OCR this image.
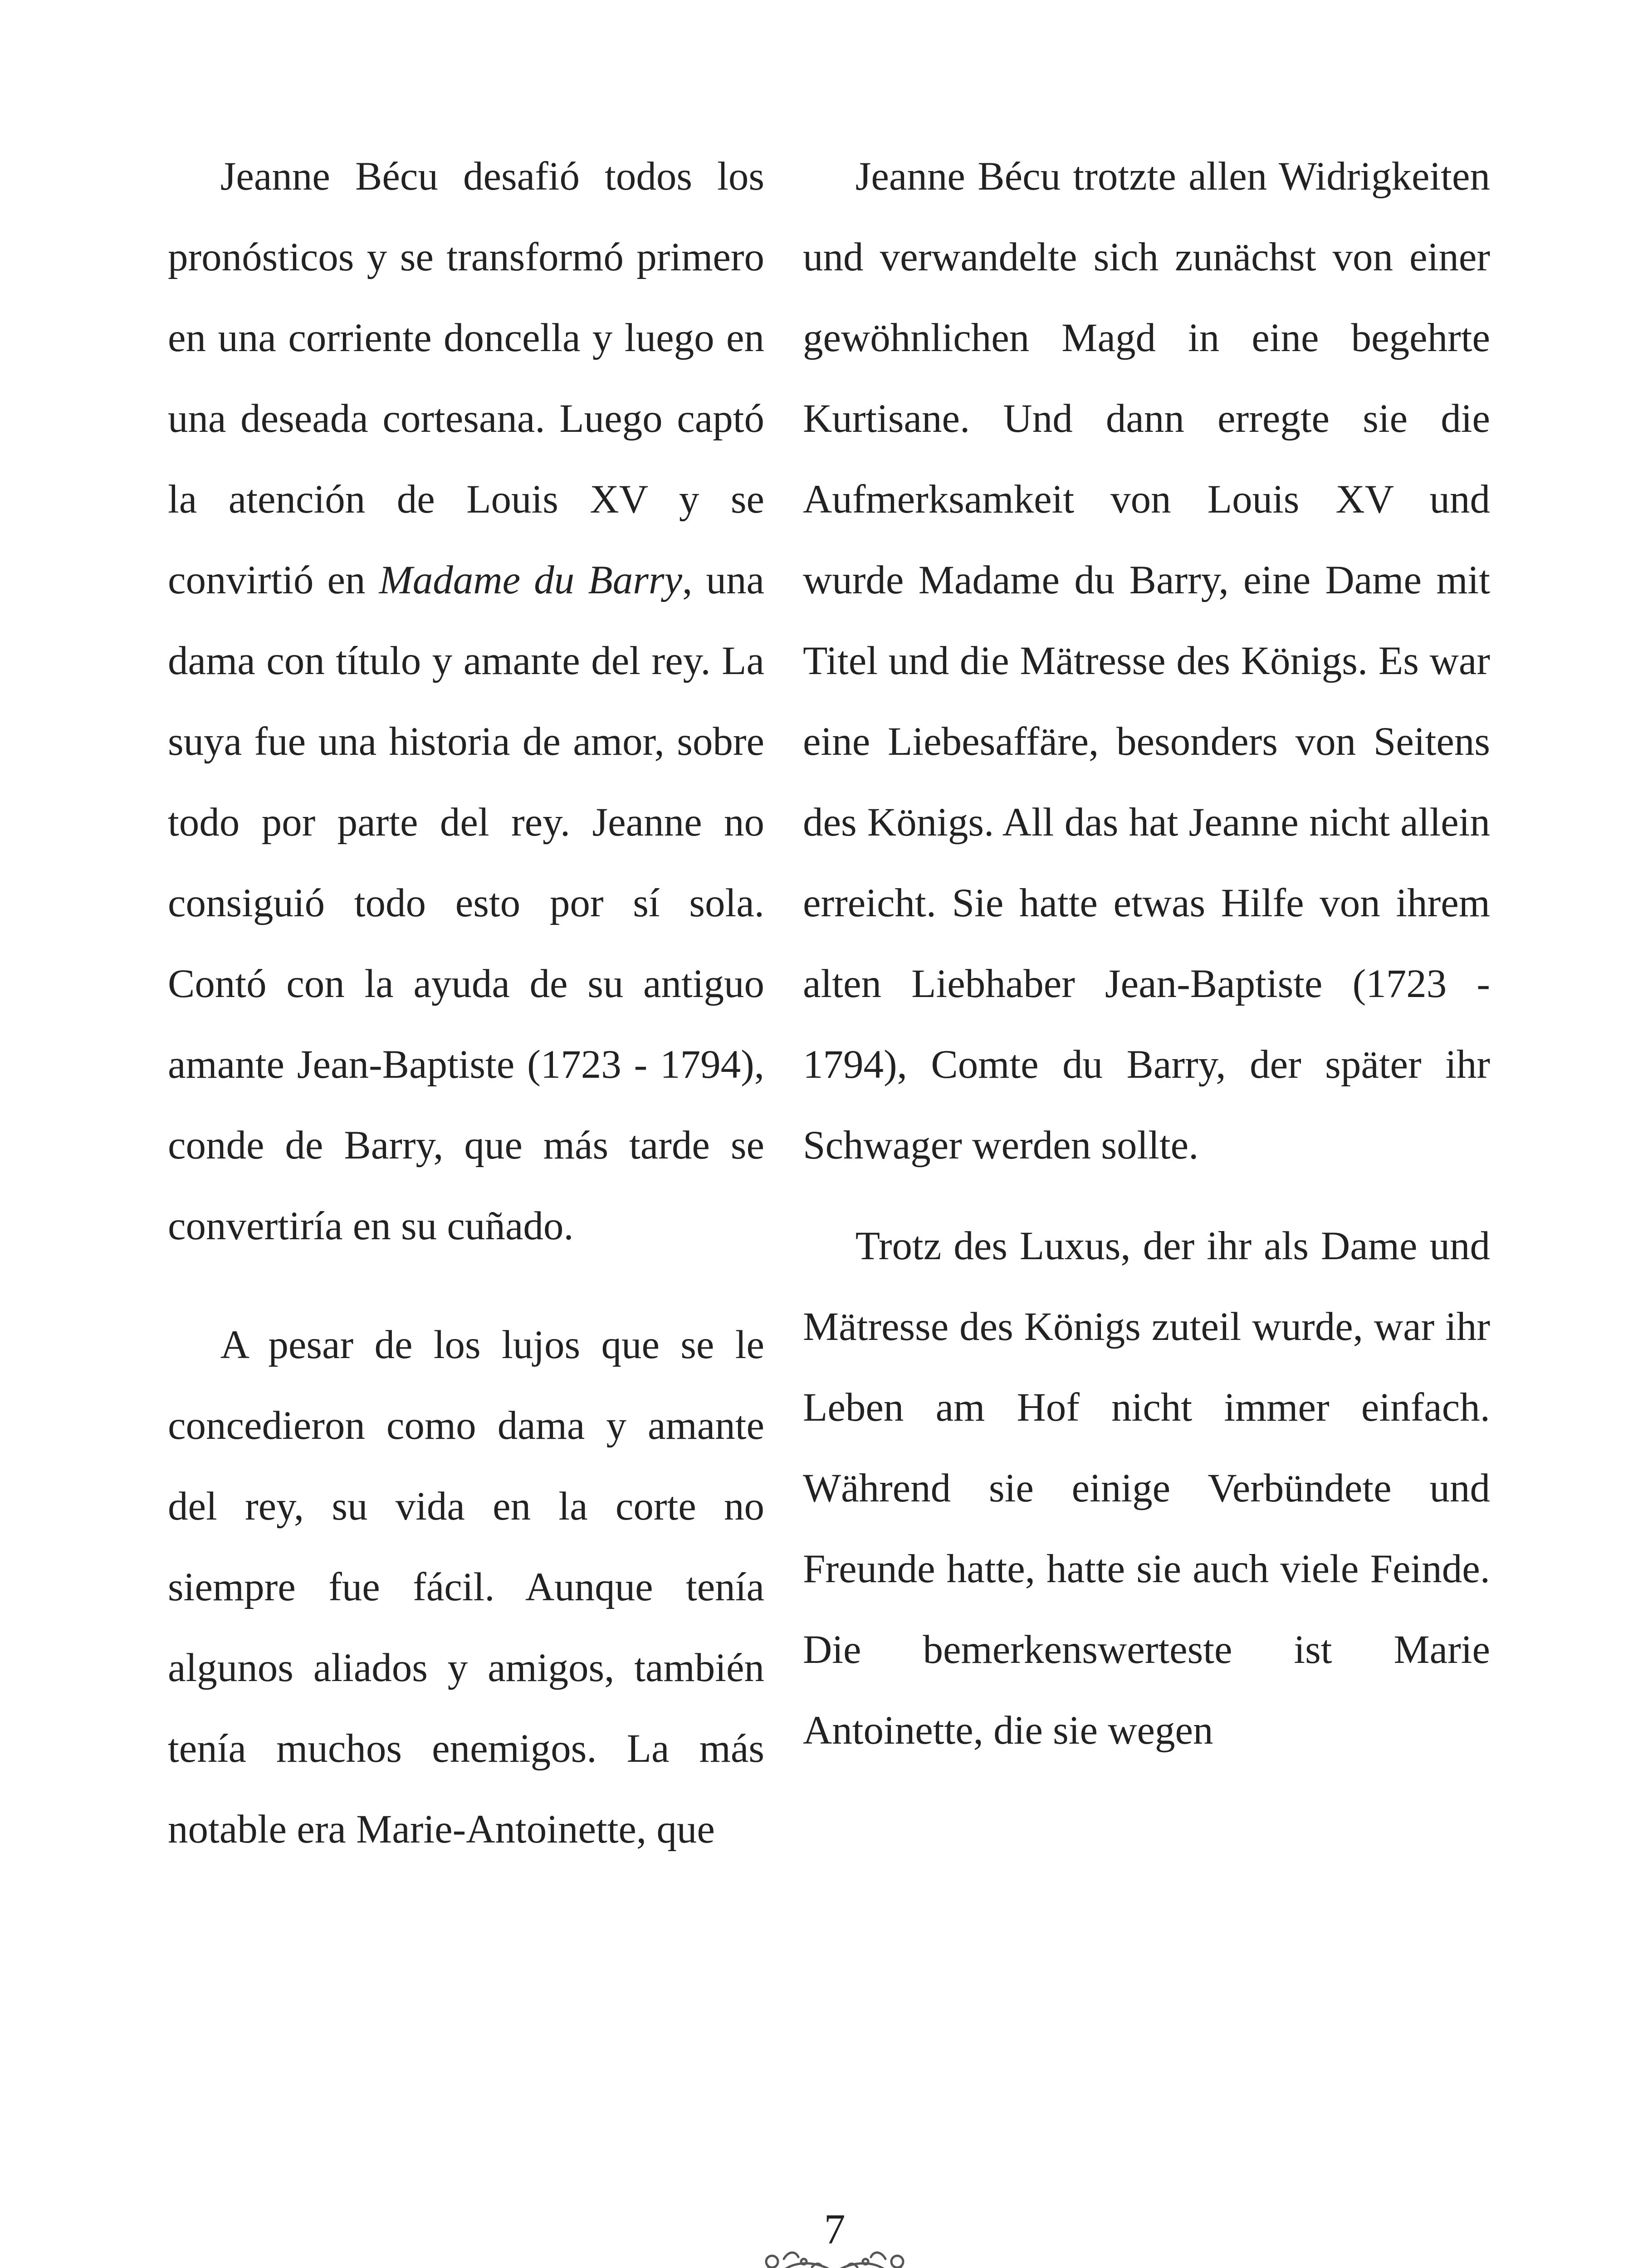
Jeanne Bécu desafió todos los pronósticos y se transformó primero en una corriente doncella y luego en una deseada cortesana. Luego captó la atención de Louis XV y se convirtió en Madame du Barry, una dama con título y amante del rey. La suya fue una historia de amor, sobre todo por parte del rey. Jeanne no consiguió todo esto por sí sola. Contó con la ayuda de su antiguo amante Jean-Baptiste (1723 - 1794), conde de Barry, que más tarde se convertiría en su cuñado.

A pesar de los lujos que se le concedieron como dama y amante del rey, su vida en la corte no siempre fue fácil. Aunque tenía algunos aliados y amigos, también tenía muchos enemigos. La más notable era Marie-Antoinette, que

Jeanne Bécu trotzte allen Widrigkeiten und verwandelte sich zunächst von einer gewöhnlichen Magd in eine begehrte Kurtisane. Und dann erregte sie die Aufmerksamkeit von Louis XV und wurde Madame du Barry, eine Dame mit Titel und die Mätresse des Königs. Es war eine Liebesaffäre, besonders von Seitens des Königs. All das hat Jeanne nicht allein erreicht. Sie hatte etwas Hilfe von ihrem alten Liebhaber Jean-Baptiste (1723 - 1794), Comte du Barry, der später ihr Schwager werden sollte.

Trotz des Luxus, der ihr als Dame und Mätresse des Königs zuteil wurde, war ihr Leben am Hof nicht immer einfach. Während sie einige Verbündete und Freunde hatte, hatte sie auch viele Feinde. Die bemerkenswerteste ist Marie Antoinette, die sie wegen

7
